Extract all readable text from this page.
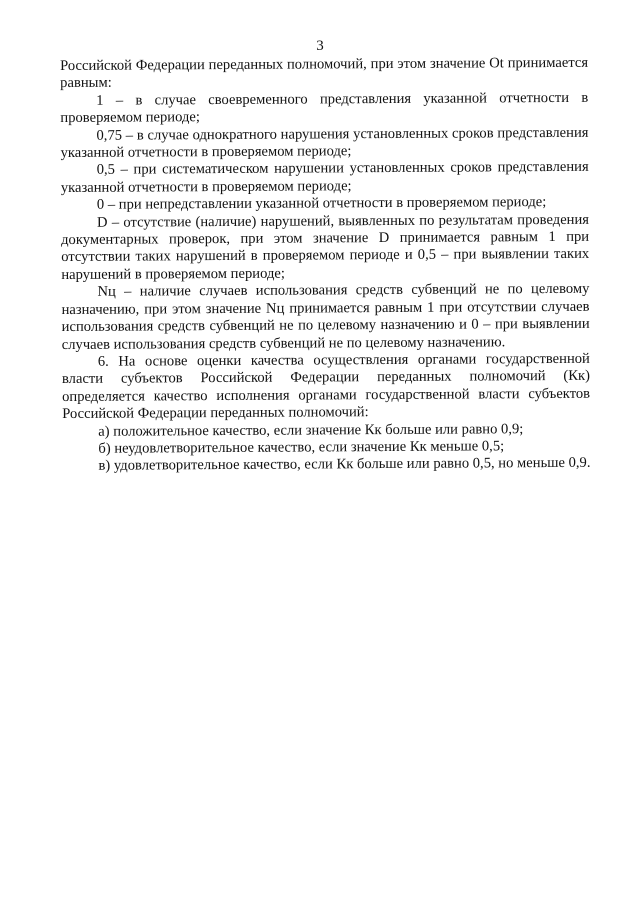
3

Российской Федерации переданных полномочий, при этом значение Ot принимается равным:

1 – в случае своевременного представления указанной отчетности в проверяемом периоде;

0,75 – в случае однократного нарушения установленных сроков представления указанной отчетности в проверяемом периоде;

0,5 – при систематическом нарушении установленных сроков представления указанной отчетности в проверяемом периоде;

0 – при непредставлении указанной отчетности в проверяемом периоде;

D – отсутствие (наличие) нарушений, выявленных по результатам проведения документарных проверок, при этом значение D принимается равным 1 при отсутствии таких нарушений в проверяемом периоде и 0,5 – при выявлении таких нарушений в проверяемом периоде;

Nц – наличие случаев использования средств субвенций не по целевому назначению, при этом значение Nц принимается равным 1 при отсутствии случаев использования средств субвенций не по целевому назначению и 0 – при выявлении случаев использования средств субвенций не по целевому назначению.

6. На основе оценки качества осуществления органами государственной власти субъектов Российской Федерации переданных полномочий (Кк) определяется качество исполнения органами государственной власти субъектов Российской Федерации переданных полномочий:

а) положительное качество, если значение Кк больше или равно 0,9;

б) неудовлетворительное качество, если значение Кк меньше 0,5;

в) удовлетворительное качество, если Кк больше или равно 0,5, но меньше 0,9.
